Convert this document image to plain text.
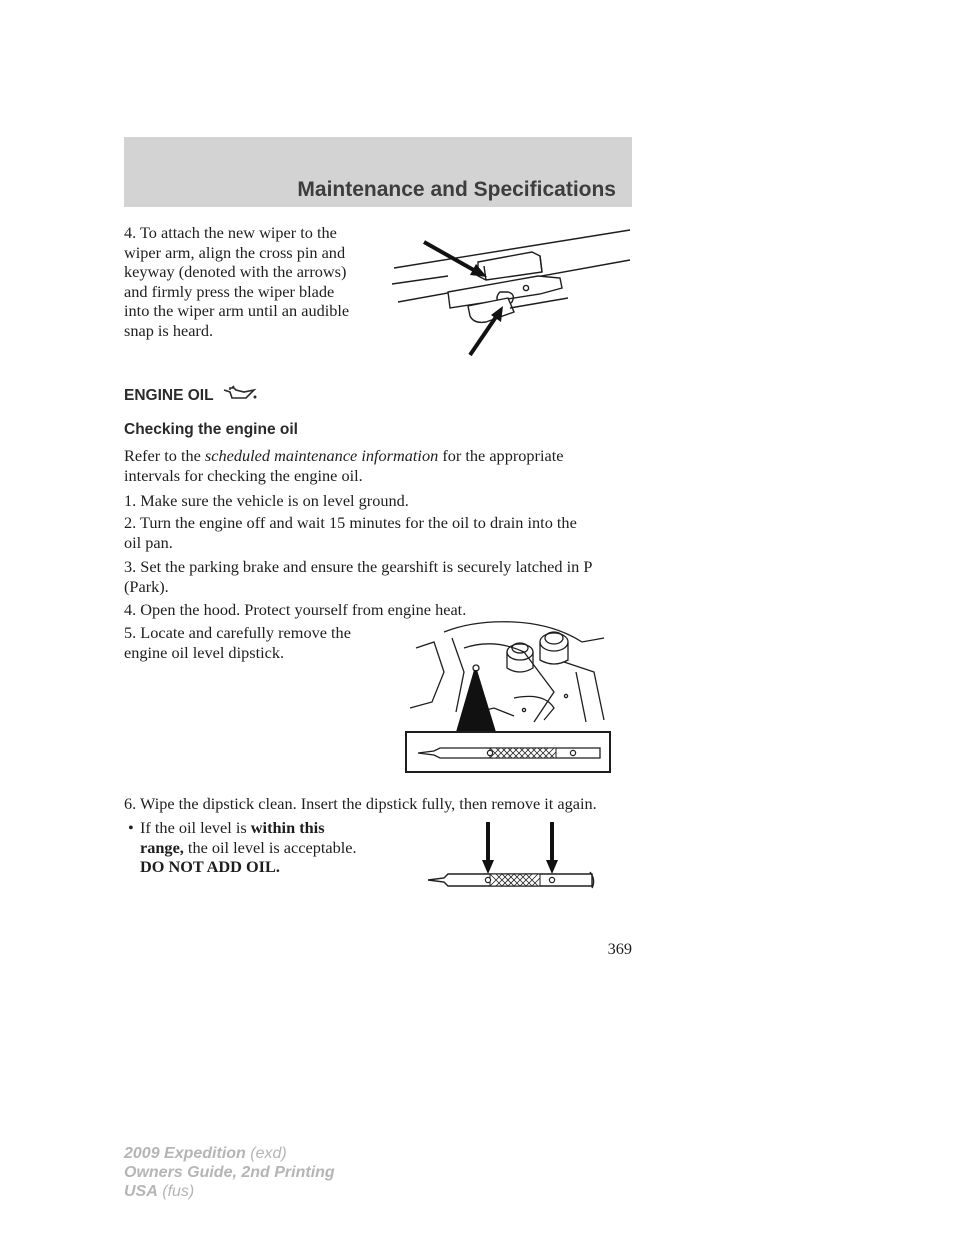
Maintenance and Specifications

4. To attach the new wiper to the
wiper arm, align the cross pin and
keyway (denoted with the arrows)
and firmly press the wiper blade
into the wiper arm until an audible
snap is heard.

ENGINE OIL

Checking the engine oil

Refer to the scheduled maintenance information for the appropriate
intervals for checking the engine oil.

1. Make sure the vehicle is on level ground.

2. Turn the engine off and wait 15 minutes for the oil to drain into the
oil pan.

3. Set the parking brake and ensure the gearshift is securely latched in P
(Park).

4. Open the hood. Protect yourself from engine heat.

5. Locate and carefully remove the
engine oil level dipstick.

6. Wipe the dipstick clean. Insert the dipstick fully, then remove it again.

• If the oil level is within this
range, the oil level is acceptable.
DO NOT ADD OIL.

369

2009 Expedition (exd)
Owners Guide, 2nd Printing
USA (fus)
